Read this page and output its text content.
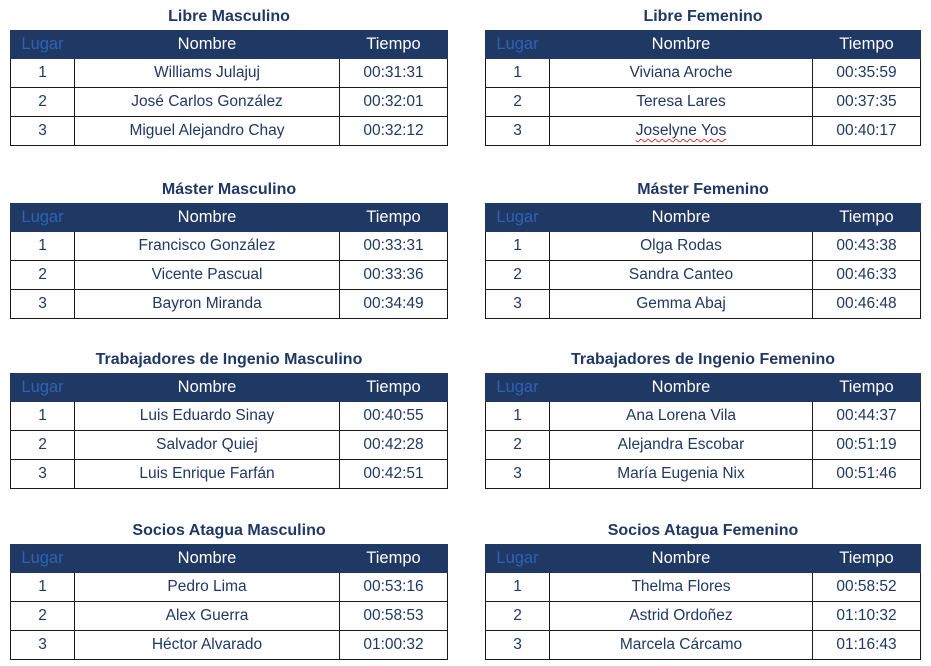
Libre Masculino
Lugar	Nombre	Tiempo
1	Williams Julajuj	00:31:31
2	José Carlos González	00:32:01
3	Miguel Alejandro Chay	00:32:12
Libre Femenino
Lugar	Nombre	Tiempo
1	Viviana Aroche	00:35:59
2	Teresa Lares	00:37:35
3	Joselyne Yos	00:40:17
Máster Masculino
Lugar	Nombre	Tiempo
1	Francisco González	00:33:31
2	Vicente Pascual	00:33:36
3	Bayron Miranda	00:34:49
Máster Femenino
Lugar	Nombre	Tiempo
1	Olga Rodas	00:43:38
2	Sandra Canteo	00:46:33
3	Gemma Abaj	00:46:48
Trabajadores de Ingenio Masculino
Lugar	Nombre	Tiempo
1	Luis Eduardo Sinay	00:40:55
2	Salvador Quiej	00:42:28
3	Luis Enrique Farfán	00:42:51
Trabajadores de Ingenio Femenino
Lugar	Nombre	Tiempo
1	Ana Lorena Vila	00:44:37
2	Alejandra Escobar	00:51:19
3	María Eugenia Nix	00:51:46
Socios Atagua Masculino
Lugar	Nombre	Tiempo
1	Pedro Lima	00:53:16
2	Alex Guerra	00:58:53
3	Héctor Alvarado	01:00:32
Socios Atagua Femenino
Lugar	Nombre	Tiempo
1	Thelma Flores	00:58:52
2	Astrid Ordoñez	01:10:32
3	Marcela Cárcamo	01:16:43
